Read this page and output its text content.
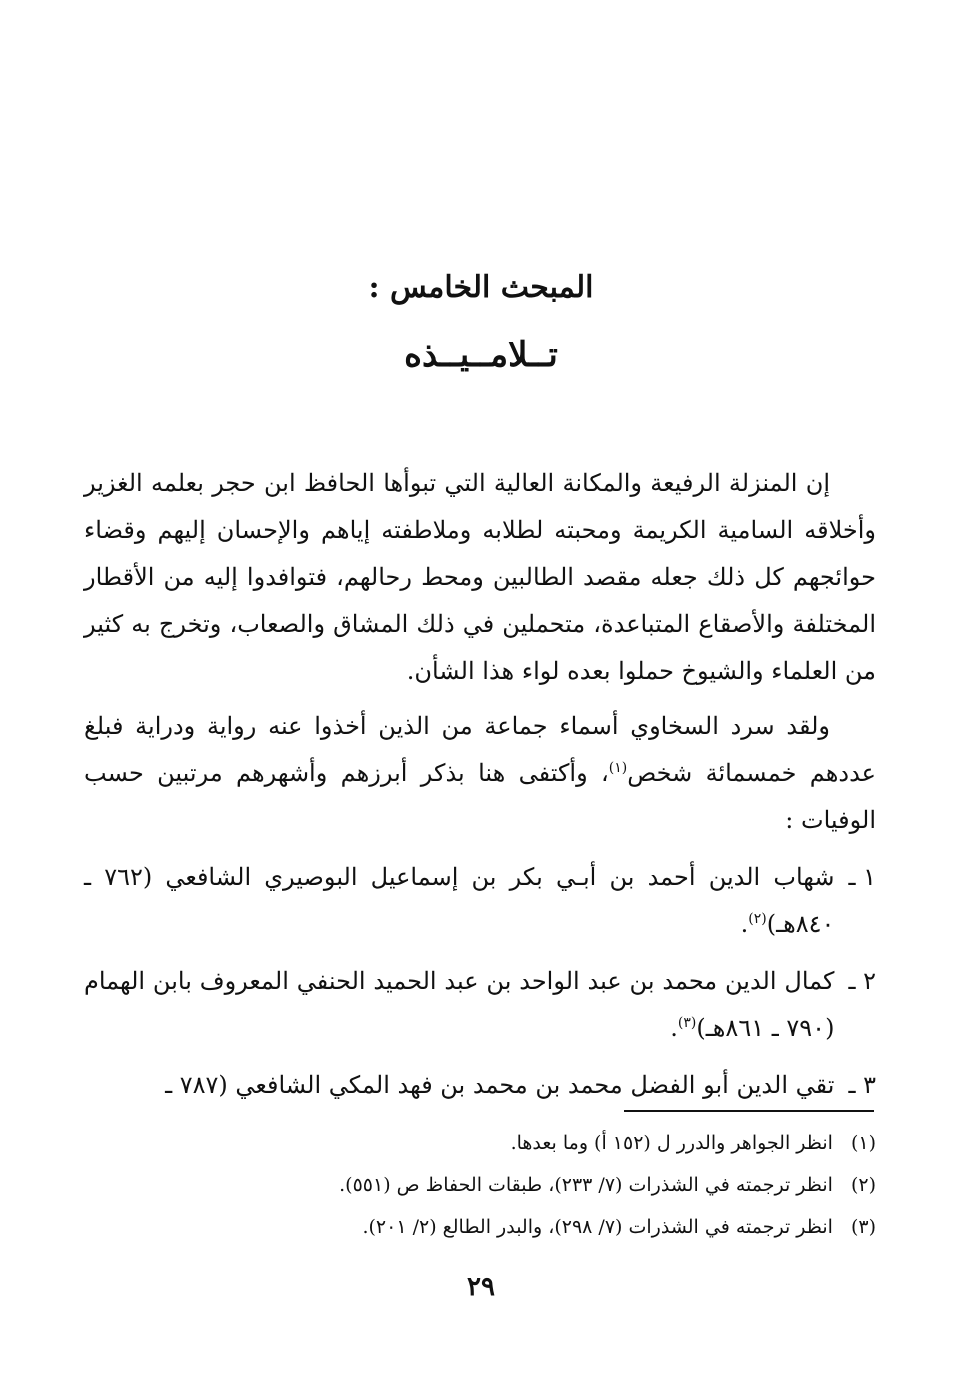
المبحث الخامس :
تــلامــيــذه

إن المنزلة الرفيعة والمكانة العالية التي تبوأها الحافظ ابن حجر بعلمه الغزير وأخلاقه السامية الكريمة ومحبته لطلابه وملاطفته إياهم والإحسان إليهم وقضاء حوائجهم كل ذلك جعله مقصد الطالبين ومحط رحالهم، فتوافدوا إليه من الأقطار المختلفة والأصقاع المتباعدة، متحملين في ذلك المشاق والصعاب، وتخرج به كثير من العلماء والشيوخ حملوا بعده لواء هذا الشأن.

ولقد سرد السخاوي أسماء جماعة من الذين أخذوا عنه رواية ودراية فبلغ عددهم خمسمائة شخص$^{(١)}$، وأكتفى هنا بذكر أبرزهم وأشهرهم مرتبين حسب الوفيات :

١ ـ
شهاب الدين أحمد بن أبـي بكر بن إسماعيل البوصيري الشافعي (٧٦٢ ـ ٨٤٠هـ)$^{(٢)}$.
٢ ـ
كمال الدين محمد بن عبد الواحد بن عبد الحميد الحنفي المعروف بابن الهمام (٧٩٠ ـ ٨٦١هـ)$^{(٣)}$.
٣ ـ
تقي الدين أبو الفضل محمد بن محمد بن فهد المكي الشافعي (٧٨٧ ـ

(١)
انظر الجواهر والدرر ل (١٥٢ أ) وما بعدها.

(٢)
انظر ترجمته في الشذرات (٧/ ٢٣٣)، طبقات الحفاظ ص (٥٥١).

(٣)
انظر ترجمته في الشذرات (٧/ ٢٩٨)، والبدر الطالع (٢/ ٢٠١).

٢٩
